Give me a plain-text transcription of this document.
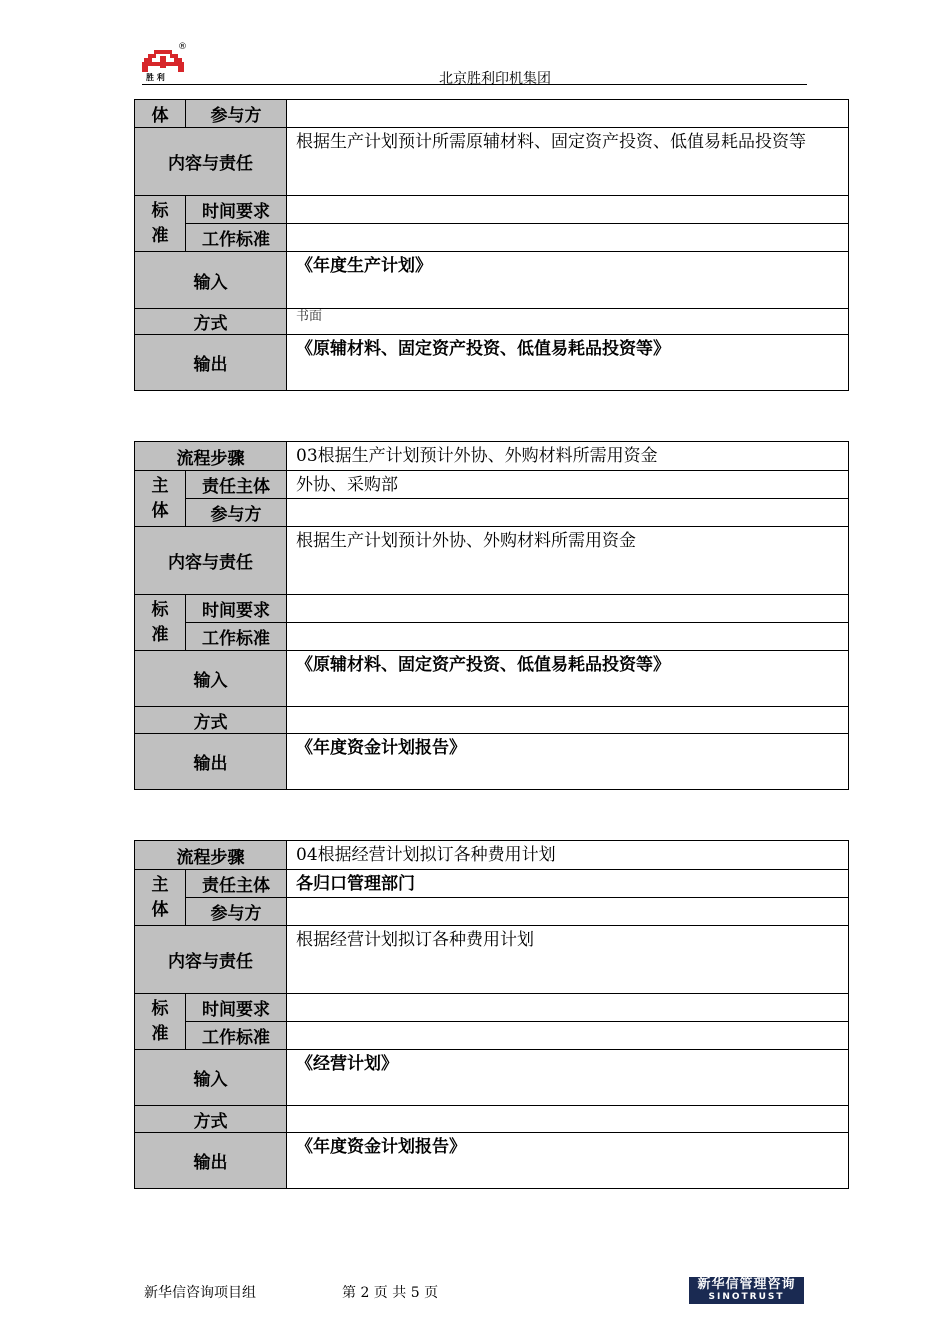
胜 利
®
北京胜利印机集团
体	参与方	
内容与责任		根据生产计划预计所需原辅材料、固定资产投资、低值易耗品投资等
标准	时间要求	
	工作标准	
输入		《年度生产计划》
方式		书面
输出		《原辅材料、固定资产投资、低值易耗品投资等》
流程步骤		03根据生产计划预计外协、外购材料所需用资金
主体	责任主体	外协、采购部
	参与方	
内容与责任		根据生产计划预计外协、外购材料所需用资金
标准	时间要求	
	工作标准	
输入		《原辅材料、固定资产投资、低值易耗品投资等》
方式		
输出		《年度资金计划报告》
流程步骤		04根据经营计划拟订各种费用计划
主体	责任主体	各归口管理部门
	参与方	
内容与责任		根据经营计划拟订各种费用计划
标准	时间要求	
	工作标准	
输入		《经营计划》
方式		
输出		《年度资金计划报告》
新华信咨询项目组	第 2 页 共 5 页
新华信管理咨询
SINOTRUST
